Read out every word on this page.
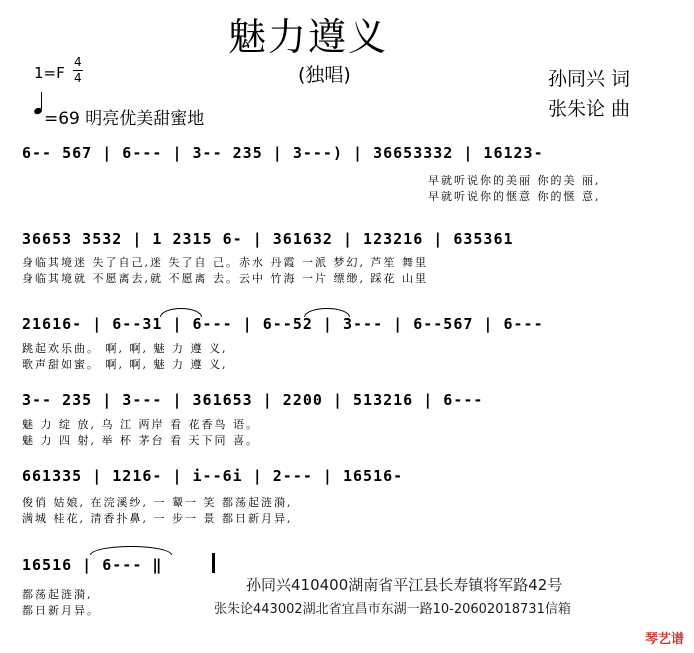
魅力遵义
(独唱)
1=F
4
4	孙同兴 词
张朱论 曲
=69 明亮优美甜蜜地
6-- 567 | 6--- | 3-- 235 | 3---) | 36653332 | 16123-
早就听说你的美丽 你的美 丽,
早就听说你的惬意 你的惬 意,
36653 3532 | 1 2315 6- | 361632 | 123216 | 635361
身临其境迷 失了自己,迷 失了自 己。赤水 丹霞 一派 梦幻, 芦笙 舞里
身临其境就 不愿离去,就 不愿离 去。云中 竹海 一片 缥缈, 踩花 山里
21616- | 6--31 | 6--- | 6--52 | 3--- | 6--567 | 6---
跳起欢乐曲。 啊, 啊, 魅 力 遵 义,
歌声甜如蜜。 啊, 啊, 魅 力 遵 义,
3-- 235 | 3--- | 361653 | 2200 | 513216 | 6---
魅 力 绽 放, 乌 江 两岸 看 花香鸟 语。
魅 力 四 射, 举 杯 茅台 看 天下同 喜。
661335 | 1216- | i--6i | 2--- | 16516-
俊俏 姑娘, 在浣溪纱, 一 颦一 笑 都荡起涟漪,
满城 桂花, 清香扑鼻, 一 步一 景 都日新月异,
16516 | 6--- ‖
都荡起涟漪,
都日新月异。
孙同兴410400湖南省平江县长寿镇将军路42号
张朱论443002湖北省宜昌市东湖一路10-20602018731信箱
琴艺谱
